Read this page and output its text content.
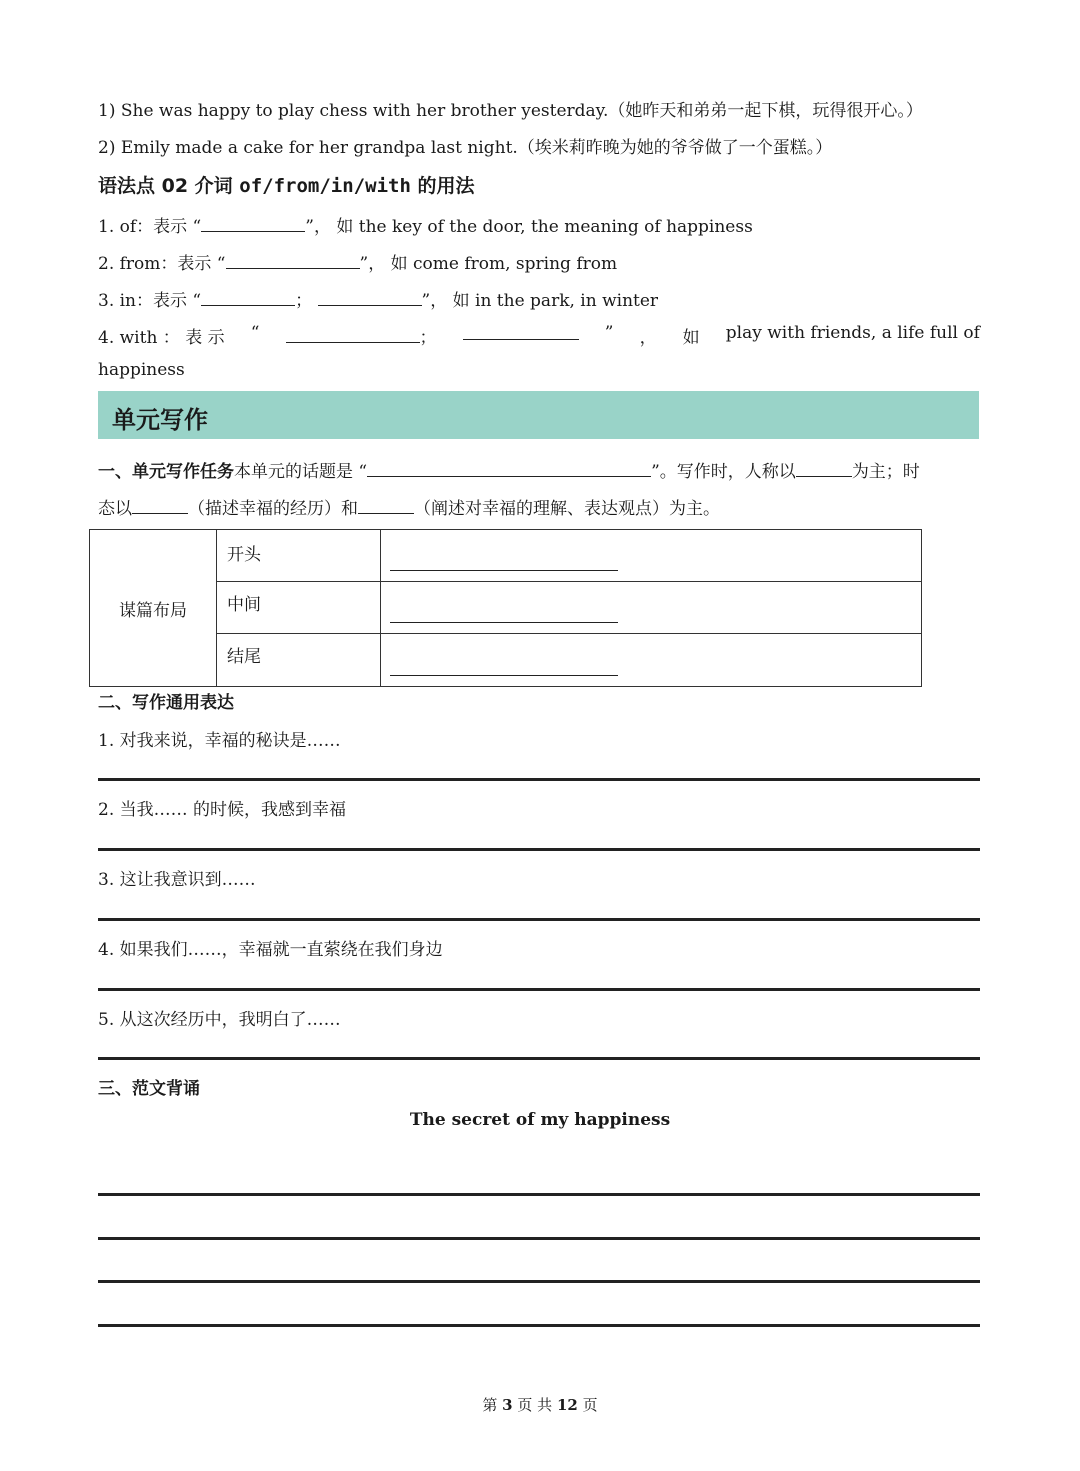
1) She was happy to play chess with her brother yesterday.（她昨天和弟弟一起下棋，玩得很开心。）
2) Emily made a cake for her grandpa last night.（埃米莉昨晚为她的爷爷做了一个蛋糕。）
语法点 02 介词 of/from/in/with 的用法
1. of：表示 “	”， 如 the key of the door, the meaning of happiness
2. from：表示 “	”， 如 come from, spring from
3. in：表示 “	；	”， 如 in the park, in winter
4. with ： 表 示 “	；	” ， 如 play with friends, a life full of
happiness
单元写作
一、单元写作任务本单元的话题是 “	”。写作时，人称以	为主；时
态以	（描述幸福的经历）和	（阐述对幸福的理解、表达观点）为主。
谋篇布局	开头	

	中间	

	结尾	
二、写作通用表达
1. 对我来说，幸福的秘诀是……
2. 当我…… 的时候，我感到幸福
3. 这让我意识到……
4. 如果我们……，幸福就一直萦绕在我们身边
5. 从这次经历中，我明白了……
三、范文背诵
The secret of my happiness
第 3 页 共 12 页
